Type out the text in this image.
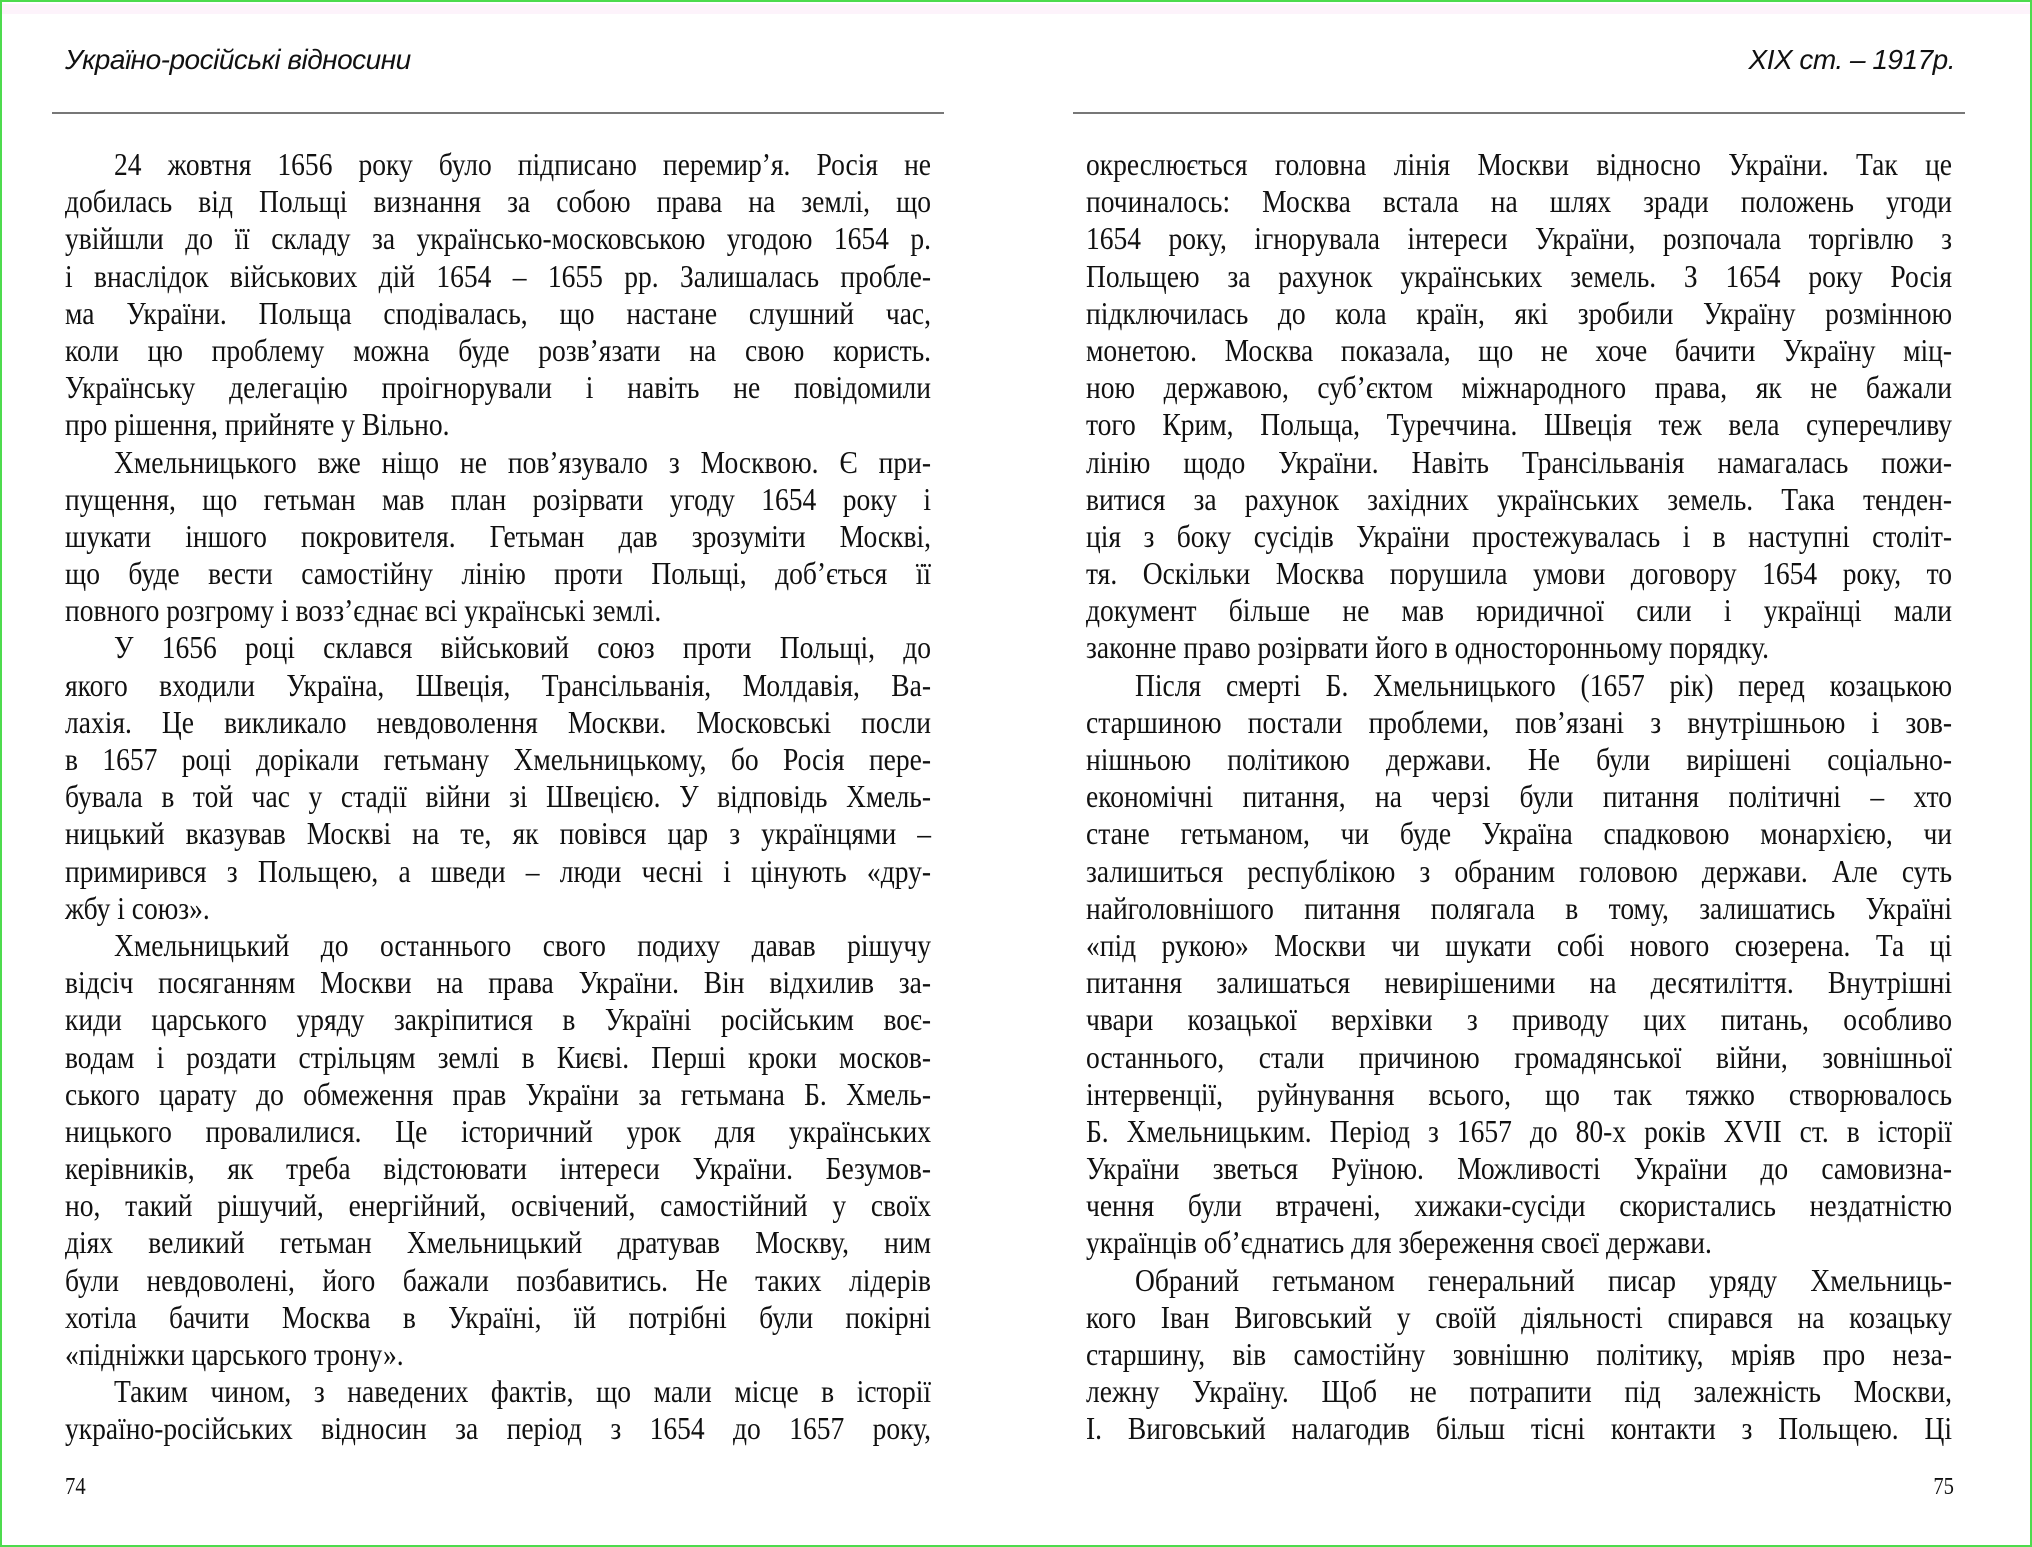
Україно-російські відносини	XIX ст. – 1917р.
24 жовтня 1656 року було підписано перемир’я. Росія не
добилась від Польщі визнання за собою права на землі, що
увійшли до її складу за українсько-московською угодою 1654 р.
і внаслідок військових дій 1654 – 1655 рр. Залишалась пробле-
ма України. Польща сподівалась, що настане слушний час,
коли цю проблему можна буде розв’язати на свою користь.
Українську делегацію проігнорували і навіть не повідомили
про рішення, прийняте у Вільно.
Хмельницького вже ніщо не пов’язувало з Москвою. Є при-
пущення, що гетьман мав план розірвати угоду 1654 року і
шукати іншого покровителя. Гетьман дав зрозуміти Москві,
що буде вести самостійну лінію проти Польщі, доб’ється її
повного розгрому і возз’єднає всі українські землі.
У 1656 році склався військовий союз проти Польщі, до
якого входили Україна, Швеція, Трансільванія, Молдавія, Ва-
лахія. Це викликало невдоволення Москви. Московські посли
в 1657 році дорікали гетьману Хмельницькому, бо Росія пере-
бувала в той час у стадії війни зі Швецією. У відповідь Хмель-
ницький вказував Москві на те, як повівся цар з українцями –
примирився з Польщею, а шведи – люди чесні і цінують «дру-
жбу і союз».
Хмельницький до останнього свого подиху давав рішучу
відсіч посяганням Москви на права України. Він відхилив за-
киди царського уряду закріпитися в Україні російським воє-
водам і роздати стрільцям землі в Києві. Перші кроки москов-
ського царату до обмеження прав України за гетьмана Б. Хмель-
ницького провалилися. Це історичний урок для українських
керівників, як треба відстоювати інтереси України. Безумов-
но, такий рішучий, енергійний, освічений, самостійний у своїх
діях великий гетьман Хмельницький дратував Москву, ним
були невдоволені, його бажали позбавитись. Не таких лідерів
хотіла бачити Москва в Україні, їй потрібні були покірні
«підніжки царського трону».
Таким чином, з наведених фактів, що мали місце в історії
україно-російських відносин за період з 1654 до 1657 року,
окреслюється головна лінія Москви відносно України. Так це
починалось: Москва встала на шлях зради положень угоди
1654 року, ігнорувала інтереси України, розпочала торгівлю з
Польщею за рахунок українських земель. З 1654 року Росія
підключилась до кола країн, які зробили Україну розмінною
монетою. Москва показала, що не хоче бачити Україну міц-
ною державою, суб’єктом міжнародного права, як не бажали
того Крим, Польща, Туреччина. Швеція теж вела суперечливу
лінію щодо України. Навіть Трансільванія намагалась пожи-
витися за рахунок західних українських земель. Така тенден-
ція з боку сусідів України простежувалась і в наступні століт-
тя. Оскільки Москва порушила умови договору 1654 року, то
документ більше не мав юридичної сили і українці мали
законне право розірвати його в односторонньому порядку.
Після смерті Б. Хмельницького (1657 рік) перед козацькою
старшиною постали проблеми, пов’язані з внутрішньою і зов-
нішньою політикою держави. Не були вирішені соціально-
економічні питання, на черзі були питання політичні – хто
стане гетьманом, чи буде Україна спадковою монархією, чи
залишиться республікою з обраним головою держави. Але суть
найголовнішого питання полягала в тому, залишатись Україні
«під рукою» Москви чи шукати собі нового сюзерена. Та ці
питання залишаться невирішеними на десятиліття. Внутрішні
чвари козацької верхівки з приводу цих питань, особливо
останнього, стали причиною громадянської війни, зовнішньої
інтервенції, руйнування всього, що так тяжко створювалось
Б. Хмельницьким. Період з 1657 до 80-х років XVII ст. в історії
України зветься Руїною. Можливості України до самовизна-
чення були втрачені, хижаки-сусіди скористались нездатністю
українців об’єднатись для збереження своєї держави.
Обраний гетьманом генеральний писар уряду Хмельниць-
кого Іван Виговський у своїй діяльності спирався на козацьку
старшину, вів самостійну зовнішню політику, мріяв про неза-
лежну Україну. Щоб не потрапити під залежність Москви,
І. Виговський налагодив більш тісні контакти з Польщею. Ці
74	75
